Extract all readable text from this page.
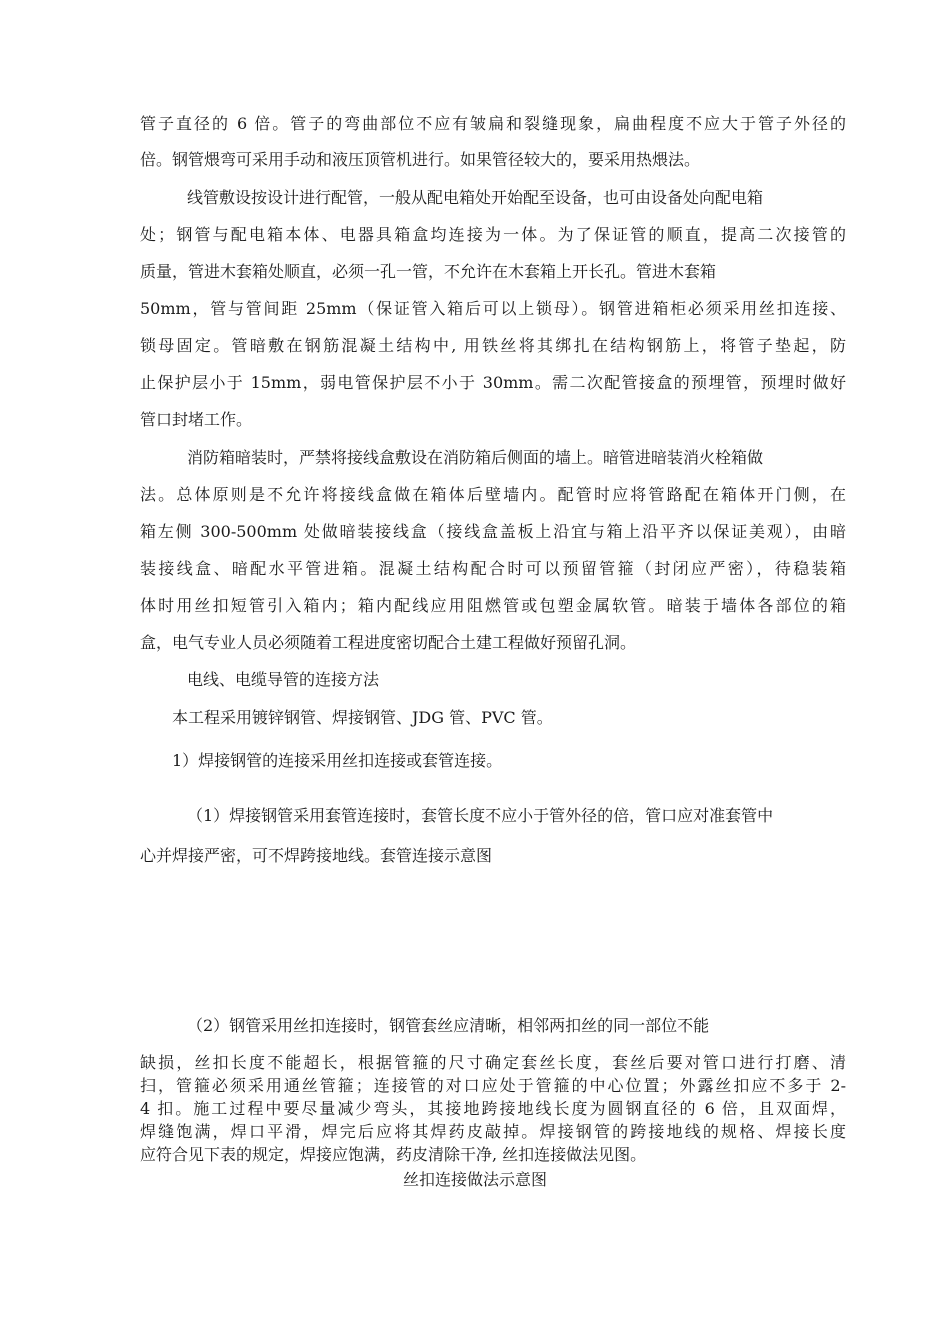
管子直径的 6 倍。管子的弯曲部位不应有皱扁和裂缝现象，扁曲程度不应大于管子外径的
倍。钢管煨弯可采用手动和液压顶管机进行。如果管径较大的，要采用热煨法。
线管敷设按设计进行配管，一般从配电箱处开始配至设备，也可由设备处向配电箱
处；钢管与配电箱本体、电器具箱盒均连接为一体。为了保证管的顺直，提高二次接管的
质量，管进木套箱处顺直，必须一孔一管，不允许在木套箱上开长孔。管进木套箱
50mm，管与管间距 25mm（保证管入箱后可以上锁母）。钢管进箱柜必须采用丝扣连接、
锁母固定。管暗敷在钢筋混凝土结构中, 用铁丝将其绑扎在结构钢筋上，将管子垫起，防
止保护层小于 15mm，弱电管保护层不小于 30mm。需二次配管接盒的预埋管，预埋时做好
管口封堵工作。
消防箱暗装时，严禁将接线盒敷设在消防箱后侧面的墙上。暗管进暗装消火栓箱做
法。总体原则是不允许将接线盒做在箱体后壁墙内。配管时应将管路配在箱体开门侧，在
箱左侧 300-500mm 处做暗装接线盒（接线盒盖板上沿宜与箱上沿平齐以保证美观），由暗
装接线盒、暗配水平管进箱。混凝土结构配合时可以预留管箍（封闭应严密），待稳装箱
体时用丝扣短管引入箱内；箱内配线应用阻燃管或包塑金属软管。暗装于墙体各部位的箱
盒，电气专业人员必须随着工程进度密切配合土建工程做好预留孔洞。
电线、电缆导管的连接方法
本工程采用镀锌钢管、焊接钢管、JDG 管、PVC 管。
1）焊接钢管的连接采用丝扣连接或套管连接。
（1）焊接钢管采用套管连接时，套管长度不应小于管外径的倍，管口应对准套管中
心并焊接严密，可不焊跨接地线。套管连接示意图
（2）钢管采用丝扣连接时，钢管套丝应清晰，相邻两扣丝的同一部位不能
缺损，丝扣长度不能超长，根据管箍的尺寸确定套丝长度，套丝后要对管口进行打磨、清
扫，管箍必须采用通丝管箍；连接管的对口应处于管箍的中心位置；外露丝扣应不多于 2-
4 扣。施工过程中要尽量减少弯头，其接地跨接地线长度为圆钢直径的 6 倍，且双面焊，
焊缝饱满，焊口平滑，焊完后应将其焊药皮敲掉。焊接钢管的跨接地线的规格、焊接长度
应符合见下表的规定，焊接应饱满，药皮清除干净, 丝扣连接做法见图。
丝扣连接做法示意图
